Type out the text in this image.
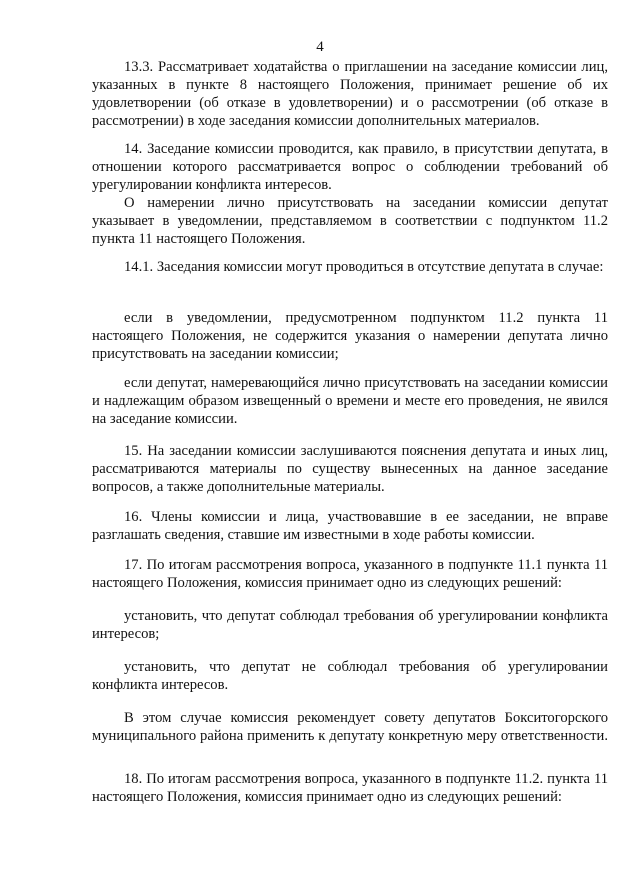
4

13.3. Рассматривает ходатайства о приглашении на заседание комиссии лиц, указанных в пункте 8 настоящего Положения, принимает решение об их удовлетворении (об отказе в удовлетворении) и о рассмотрении (об отказе в рассмотрении) в ходе заседания комиссии дополнительных материалов.

14. Заседание комиссии проводится, как правило, в присутствии депутата, в отношении которого рассматривается вопрос о соблюдении требований об урегулировании конфликта интересов.

О намерении лично присутствовать на заседании комиссии депутат указывает в уведомлении, представляемом в соответствии с подпунктом 11.2 пункта 11 настоящего Положения.

14.1. Заседания комиссии могут проводиться в отсутствие депутата в случае:

если в уведомлении, предусмотренном подпунктом 11.2 пункта 11 настоящего Положения, не содержится указания о намерении депутата лично присутствовать на заседании комиссии;

если депутат, намеревающийся лично присутствовать на заседании комиссии и надлежащим образом извещенный о времени и месте его проведения, не явился на заседание комиссии.

15. На заседании комиссии заслушиваются пояснения депутата и иных лиц, рассматриваются материалы по существу вынесенных на данное заседание вопросов, а также дополнительные материалы.

16. Члены комиссии и лица, участвовавшие в ее заседании, не вправе разглашать сведения, ставшие им известными в ходе работы комиссии.

17. По итогам рассмотрения вопроса, указанного в подпункте 11.1 пункта 11 настоящего Положения, комиссия принимает одно из следующих решений:

установить, что депутат соблюдал требования об урегулировании конфликта интересов;

установить, что депутат не соблюдал требования об урегулировании конфликта интересов.

В этом случае комиссия рекомендует совету депутатов Бокситогорского муниципального района применить к депутату конкретную меру ответственности.

18. По итогам рассмотрения вопроса, указанного в подпункте 11.2. пункта 11 настоящего Положения, комиссия принимает одно из следующих решений:
